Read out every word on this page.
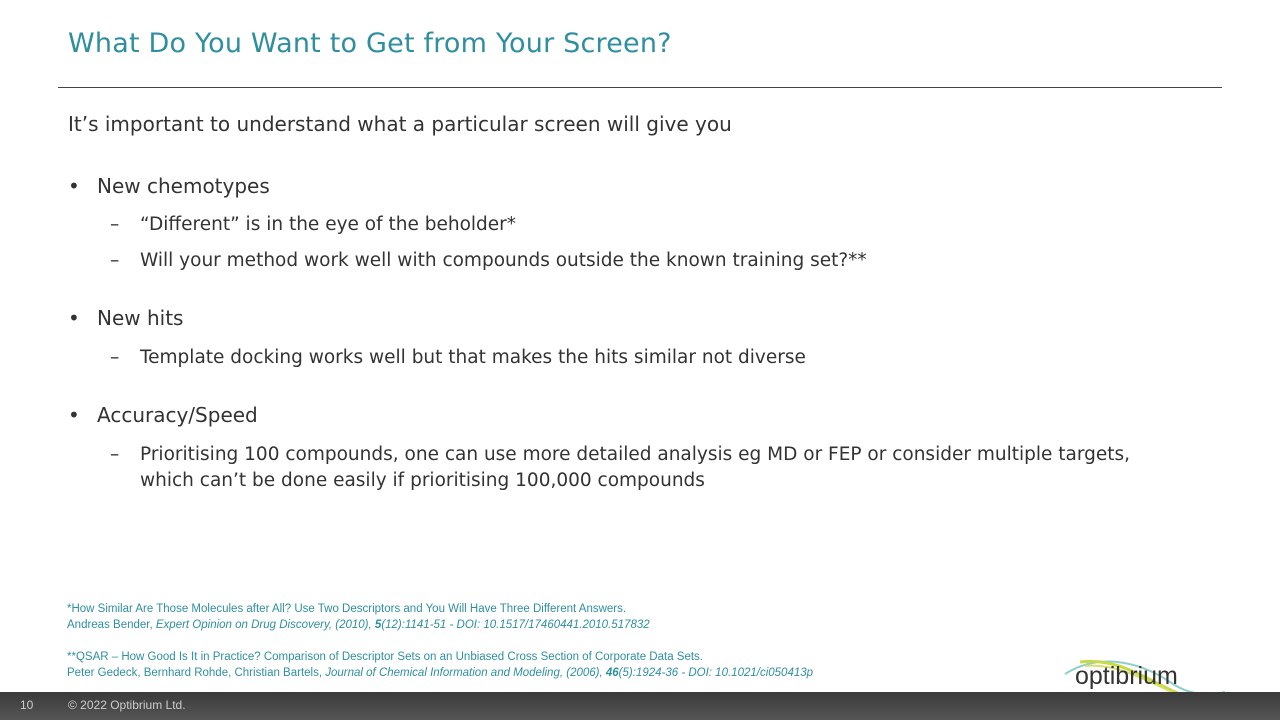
What Do You Want to Get from Your Screen?
It’s important to understand what a particular screen will give you
• New chemotypes
– “Different” is in the eye of the beholder*
– Will your method work well with compounds outside the known training set?**
• New hits
– Template docking works well but that makes the hits similar not diverse
• Accuracy/Speed
– Prioritising 100 compounds, one can use more detailed analysis eg MD or FEP or consider multiple targets,
which can’t be done easily if prioritising 100,000 compounds
*How Similar Are Those Molecules after All? Use Two Descriptors and You Will Have Three Different Answers.
Andreas Bender, Expert Opinion on Drug Discovery, (2010), 5(12):1141-51 - DOI: 10.1517/17460441.2010.517832
**QSAR – How Good Is It in Practice? Comparison of Descriptor Sets on an Unbiased Cross Section of Corporate Data Sets.
Peter Gedeck, Bernhard Rohde, Christian Bartels, Journal of Chemical Information and Modeling, (2006), 46(5):1924-36 - DOI: 10.1021/ci050413p	optibrium
10	© 2022 Optibrium Ltd.
